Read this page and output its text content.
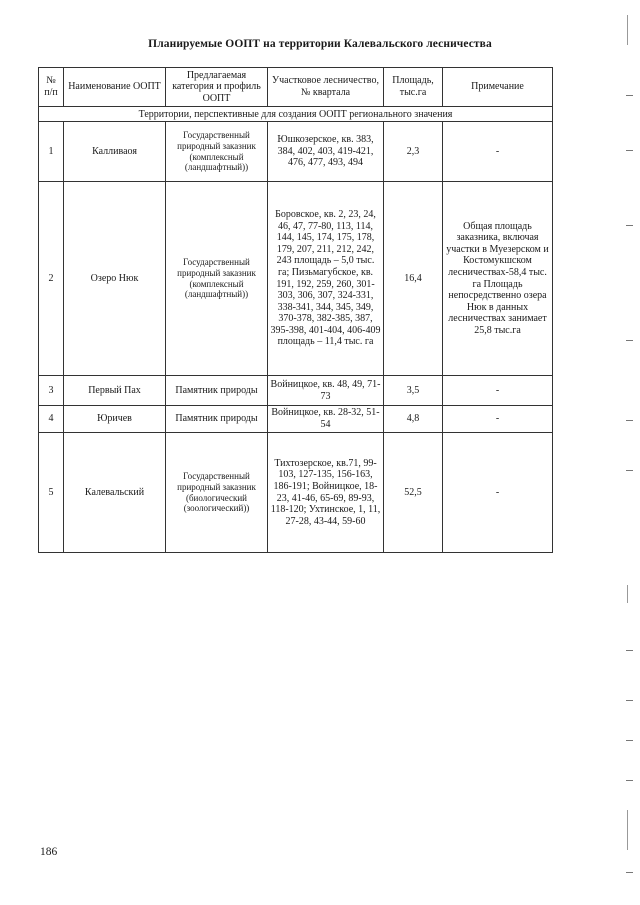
Планируемые ООПТ на территории Калевальского лесничества
№ п/п	Наименование ООПТ	Предлагаемая категория и профиль ООПТ	Участковое лесничество, № квартала	Площадь, тыс.га	Примечание
Территории, перспективные для создания ООПТ регионального значения					
1	Калливаоя	Государственный природный заказник (комплексный (ландшафтный))	Юшкозерское, кв. 383, 384, 402, 403, 419-421, 476, 477, 493, 494	2,3	-
2	Озеро Нюк	Государственный природный заказник (комплексный (ландшафтный))	Боровское, кв. 2, 23, 24, 46, 47, 77-80, 113, 114, 144, 145, 174, 175, 178, 179, 207, 211, 212, 242, 243 площадь – 5,0 тыс. га; Пизьмагубское, кв. 191, 192, 259, 260, 301-303, 306, 307, 324-331, 338-341, 344, 345, 349, 370-378, 382-385, 387, 395-398, 401-404, 406-409 площадь – 11,4 тыс. га	16,4	Общая площадь заказника, включая участки в Муезерском и Костомукшском лесничествах-58,4 тыс. га Площадь непосредственно озера Нюк в данных лесничествах занимает 25,8 тыс.га
3	Первый Пах	Памятник природы	Войницкое, кв. 48, 49, 71-73	3,5	-
4	Юричев	Памятник природы	Войницкое, кв. 28-32, 51-54	4,8	-
5	Калевальский	Государственный природный заказник (биологический (зоологический))	Тихтозерское, кв.71, 99-103, 127-135, 156-163, 186-191; Войницкое, 18-23, 41-46, 65-69, 89-93, 118-120; Ухтинское, 1, 11, 27-28, 43-44, 59-60	52,5	-
186
